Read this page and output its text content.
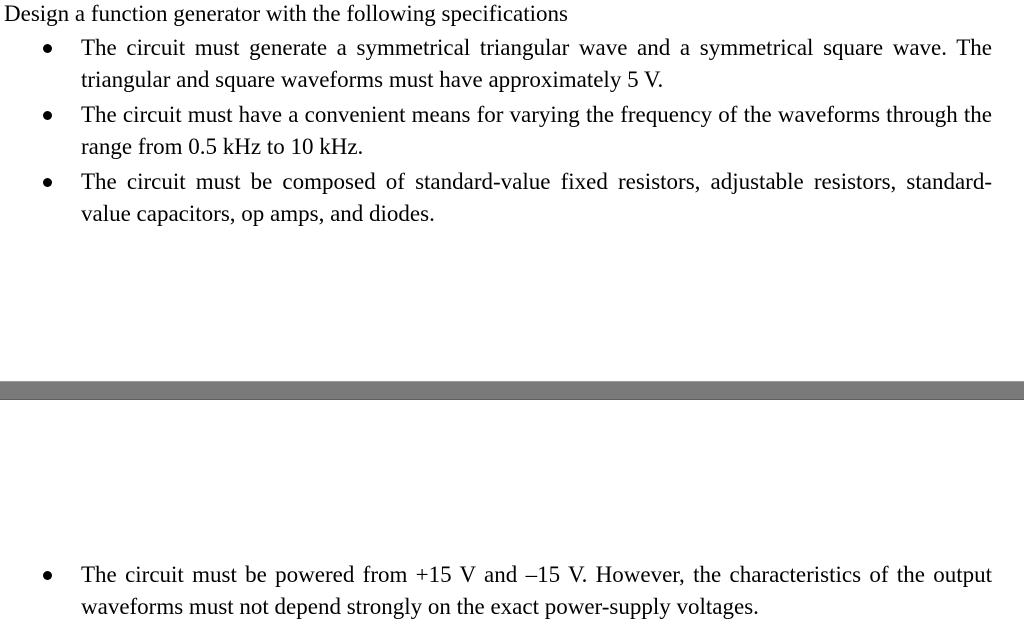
Design a function generator with the following specifications
The circuit must generate a symmetrical triangular wave and a symmetrical square wave. The triangular and square waveforms must have approximately 5 V.
The circuit must have a convenient means for varying the frequency of the waveforms through the range from 0.5 kHz to 10 kHz.
The circuit must be composed of standard-value fixed resistors, adjustable resistors, standard-value capacitors, op amps, and diodes.
The circuit must be powered from +15 V and –15 V. However, the characteristics of the output waveforms must not depend strongly on the exact power-supply voltages.
